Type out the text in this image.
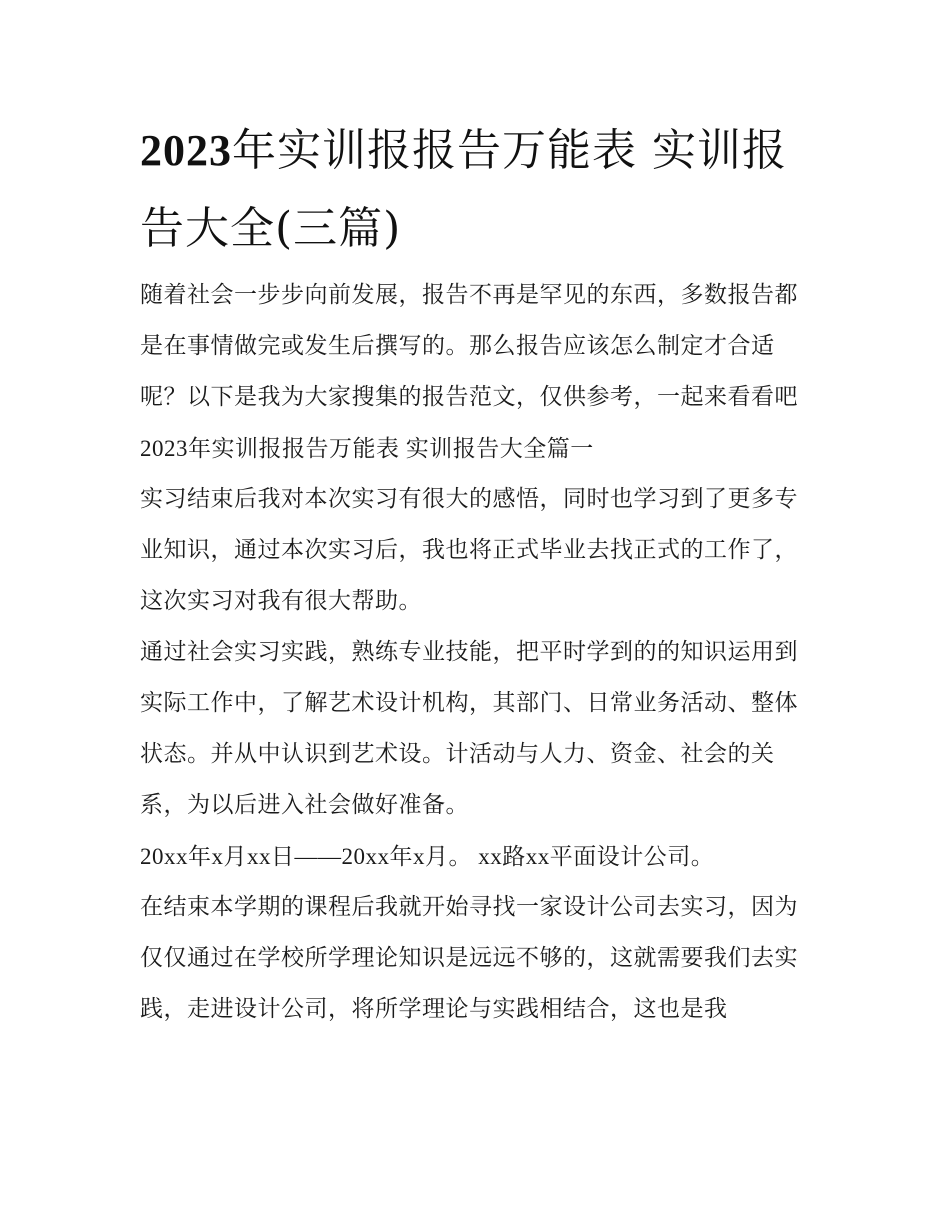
2023年实训报报告万能表 实训报告大全(三篇)

随着社会一步步向前发展，报告不再是罕见的东西，多数报告都是在事情做完或发生后撰写的。那么报告应该怎么制定才合适呢？以下是我为大家搜集的报告范文，仅供参考，一起来看看吧

2023年实训报报告万能表 实训报告大全篇一

实习结束后我对本次实习有很大的感悟，同时也学习到了更多专业知识，通过本次实习后，我也将正式毕业去找正式的工作了，这次实习对我有很大帮助。

通过社会实习实践，熟练专业技能，把平时学到的的知识运用到实际工作中，了解艺术设计机构，其部门、日常业务活动、整体状态。并从中认识到艺术设。计活动与人力、资金、社会的关系，为以后进入社会做好准备。

20xx年x月xx日——20xx年x月。 xx路xx平面设计公司。

在结束本学期的课程后我就开始寻找一家设计公司去实习，因为仅仅通过在学校所学理论知识是远远不够的，这就需要我们去实践，走进设计公司，将所学理论与实践相结合，这也是我
